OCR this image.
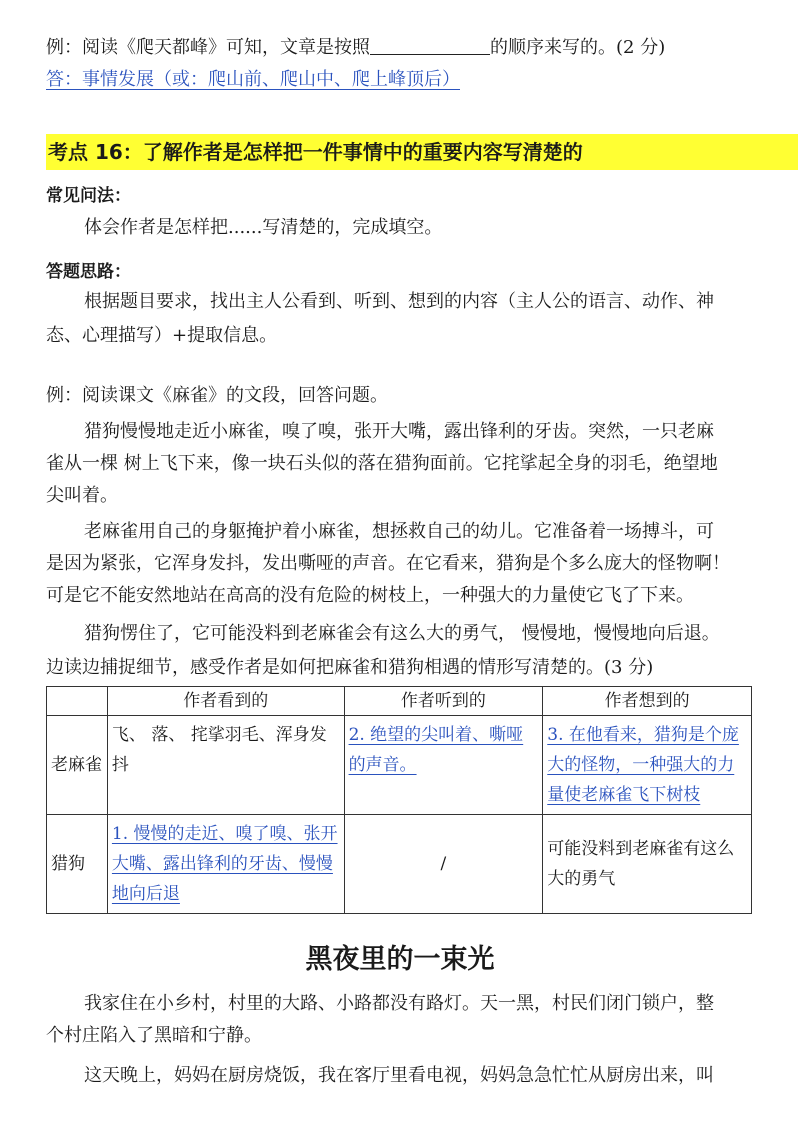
例：阅读《爬天都峰》可知，文章是按照	的顺序来写的。(2 分)
答：事情发展（或：爬山前、爬山中、爬上峰顶后）
考点 16：了解作者是怎样把一件事情中的重要内容写清楚的
常见问法：
体会作者是怎样把......写清楚的，完成填空。
答题思路：
根据题目要求，找出主人公看到、听到、想到的内容（主人公的语言、动作、神
态、心理描写）+提取信息。
例：阅读课文《麻雀》的文段，回答问题。
猎狗慢慢地走近小麻雀，嗅了嗅，张开大嘴，露出锋利的牙齿。突然，一只老麻
雀从一棵 树上飞下来，像一块石头似的落在猎狗面前。它挓挲起全身的羽毛，绝望地
尖叫着。
老麻雀用自己的身躯掩护着小麻雀，想拯救自己的幼儿。它准备着一场搏斗，可
是因为紧张，它浑身发抖，发出嘶哑的声音。在它看来，猎狗是个多么庞大的怪物啊！
可是它不能安然地站在高高的没有危险的树枝上，一种强大的力量使它飞了下来。
猎狗愣住了，它可能没料到老麻雀会有这么大的勇气， 慢慢地，慢慢地向后退。
边读边捕捉细节，感受作者是如何把麻雀和猎狗相遇的情形写清楚的。(3 分)
	作者看到的	作者听到的	作者想到的
老麻雀	飞、 落、 挓挲羽毛、浑身发抖	2. 绝望的尖叫着、嘶哑的声音。	3. 在他看来，猎狗是个庞大的怪物，一种强大的力量使老麻雀飞下树枝
猎狗	1. 慢慢的走近、嗅了嗅、张开大嘴、露出锋利的牙齿、慢慢地向后退	/	可能没料到老麻雀有这么大的勇气
黑夜里的一束光
我家住在小乡村，村里的大路、小路都没有路灯。天一黑，村民们闭门锁户，整
个村庄陷入了黑暗和宁静。
这天晚上，妈妈在厨房烧饭，我在客厅里看电视，妈妈急急忙忙从厨房出来，叫
